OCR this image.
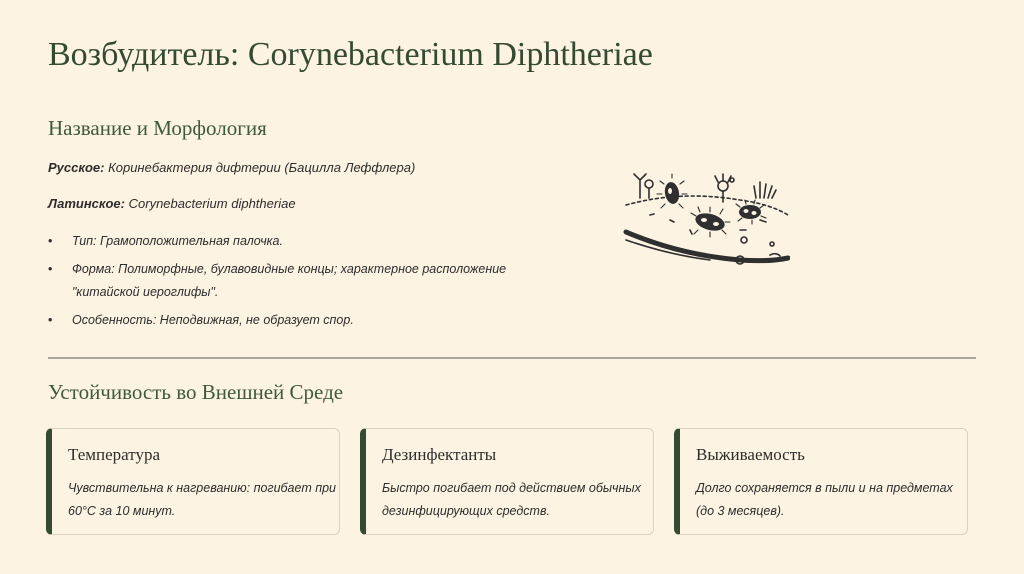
Возбудитель: Corynebacterium Diphtheriae
Название и Морфология
Русское: Коринебактерия дифтерии (Бацилла Леффлера)
Латинское: Corynebacterium diphtheriae
• Тип: Грамоположительная палочка.
• Форма: Полиморфные, булавовидные концы; характерное расположение "китайской иероглифы".
• Особенность: Неподвижная, не образует спор.
Устойчивость во Внешней Среде
Температура
Чувствительна к нагреванию: погибает при 60°C за 10 минут.
Дезинфектанты
Быстро погибает под действием обычных дезинфицирующих средств.
Выживаемость
Долго сохраняется в пыли и на предметах (до 3 месяцев).
